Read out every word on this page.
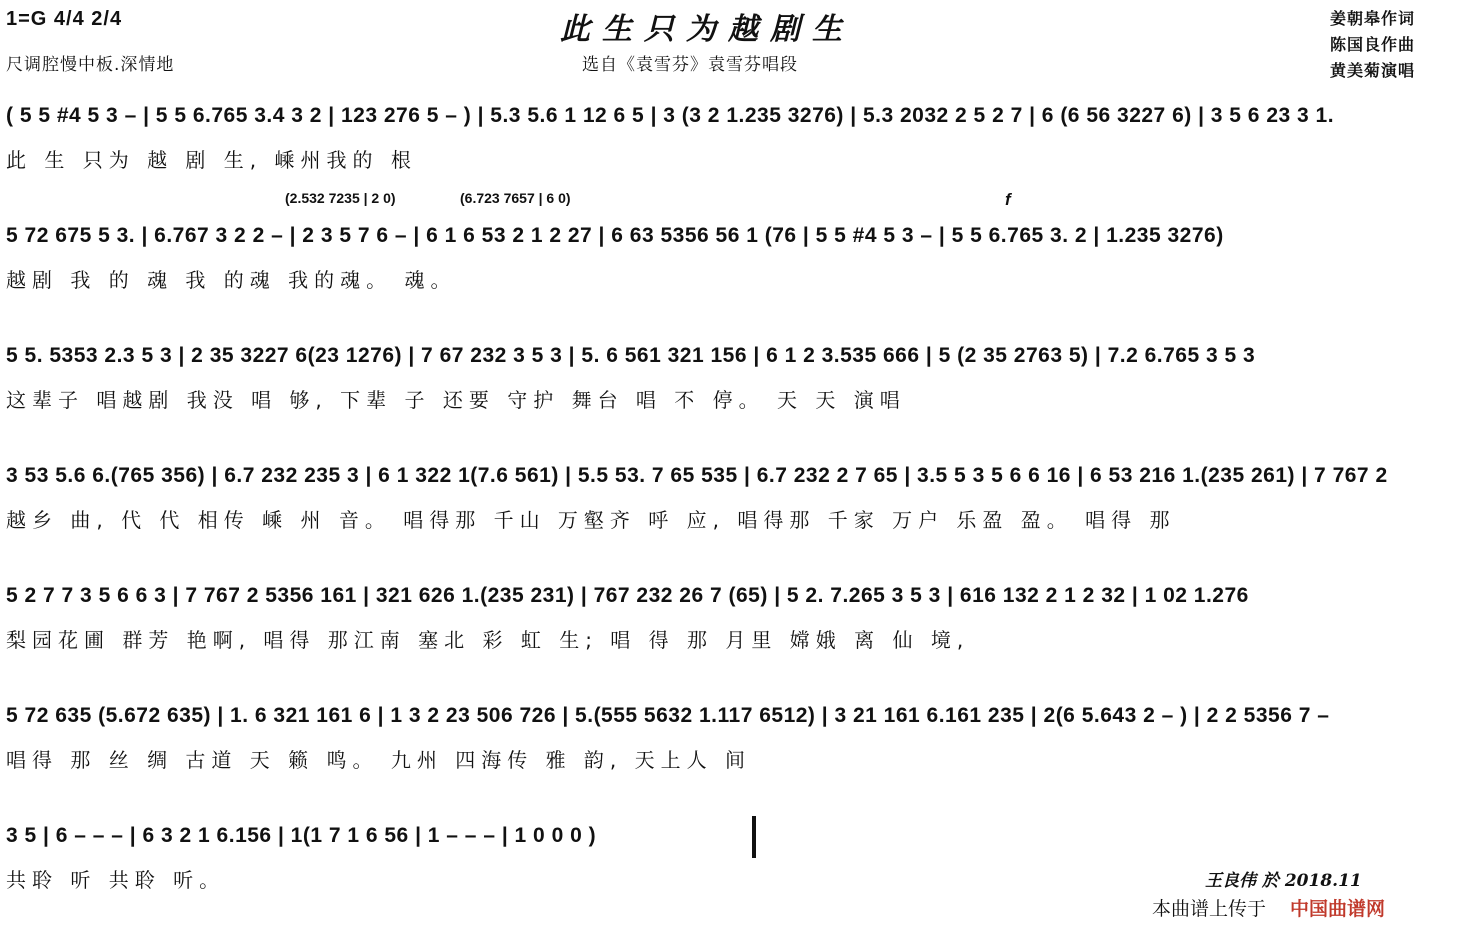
1=G 4/4 2/4
尺调腔慢中板.深情地
此生只为越剧生
选自《袁雪芬》袁雪芬唱段
姜朝皋作词
陈国良作曲
黄美菊演唱
( 5 5 #4 5 3 – | 5 5 6.765 3.4 3 2 | 123 276 5 – ) | 5.3 5.6 1 12 6 5 | 3 (3 2 1.235 3276) | 5.3 2032 2 5 2 7 | 6 (6 56 3227 6) | 3 5 6 23 3 1.
此 生 只为 越 剧 生, 嵊州我的 根
(2.532 7235 | 2 0)	(6.723 7657 | 6 0)	f
5 72 675 5 3. | 6.767 3 2 2 – | 2 3 5 7 6 – | 6 1 6 53 2 1 2 27 | 6 63 5356 56 1 (76 | 5 5 #4 5 3 – | 5 5 6.765 3. 2 | 1.235 3276)
越剧 我 的 魂 我 的魂 我的魂。 魂。
5 5. 5353 2.3 5 3 | 2 35 3227 6(23 1276) | 7 67 232 3 5 3 | 5. 6 561 321 156 | 6 1 2 3.535 666 | 5 (2 35 2763 5) | 7.2 6.765 3 5 3
这辈子 唱越剧 我没 唱 够, 下辈 子 还要 守护 舞台 唱 不 停。 天 天 演唱
3 53 5.6 6.(765 356) | 6.7 232 235 3 | 6 1 322 1(7.6 561) | 5.5 53. 7 65 535 | 6.7 232 2 7 65 | 3.5 5 3 5 6 6 16 | 6 53 216 1.(235 261) | 7 767 2
越乡 曲, 代 代 相传 嵊 州 音。 唱得那 千山 万壑齐 呼 应, 唱得那 千家 万户 乐盈 盈。 唱得 那
5 2 7 7 3 5 6 6 3 | 7 767 2 5356 161 | 321 626 1.(235 231) | 767 232 26 7 (65) | 5 2. 7.265 3 5 3 | 616 132 2 1 2 32 | 1 02 1.276
梨园花圃 群芳 艳啊, 唱得 那江南 塞北 彩 虹 生; 唱 得 那 月里 嫦娥 离 仙 境,
5 72 635 (5.672 635) | 1. 6 321 161 6 | 1 3 2 23 506 726 | 5.(555 5632 1.117 6512) | 3 21 161 6.161 235 | 2(6 5.643 2 – ) | 2 2 5356 7 –
唱得 那 丝 绸 古道 天 籁 鸣。 九州 四海传 雅 韵, 天上人 间
3 5 | 6 – – – | 6 3 2 1 6.156 | 1(1 7 1 6 56 | 1 – – – | 1 0 0 0 )
共聆 听 共聆 听。	王良伟 於 2018.11
本曲谱上传于 中国曲谱网
